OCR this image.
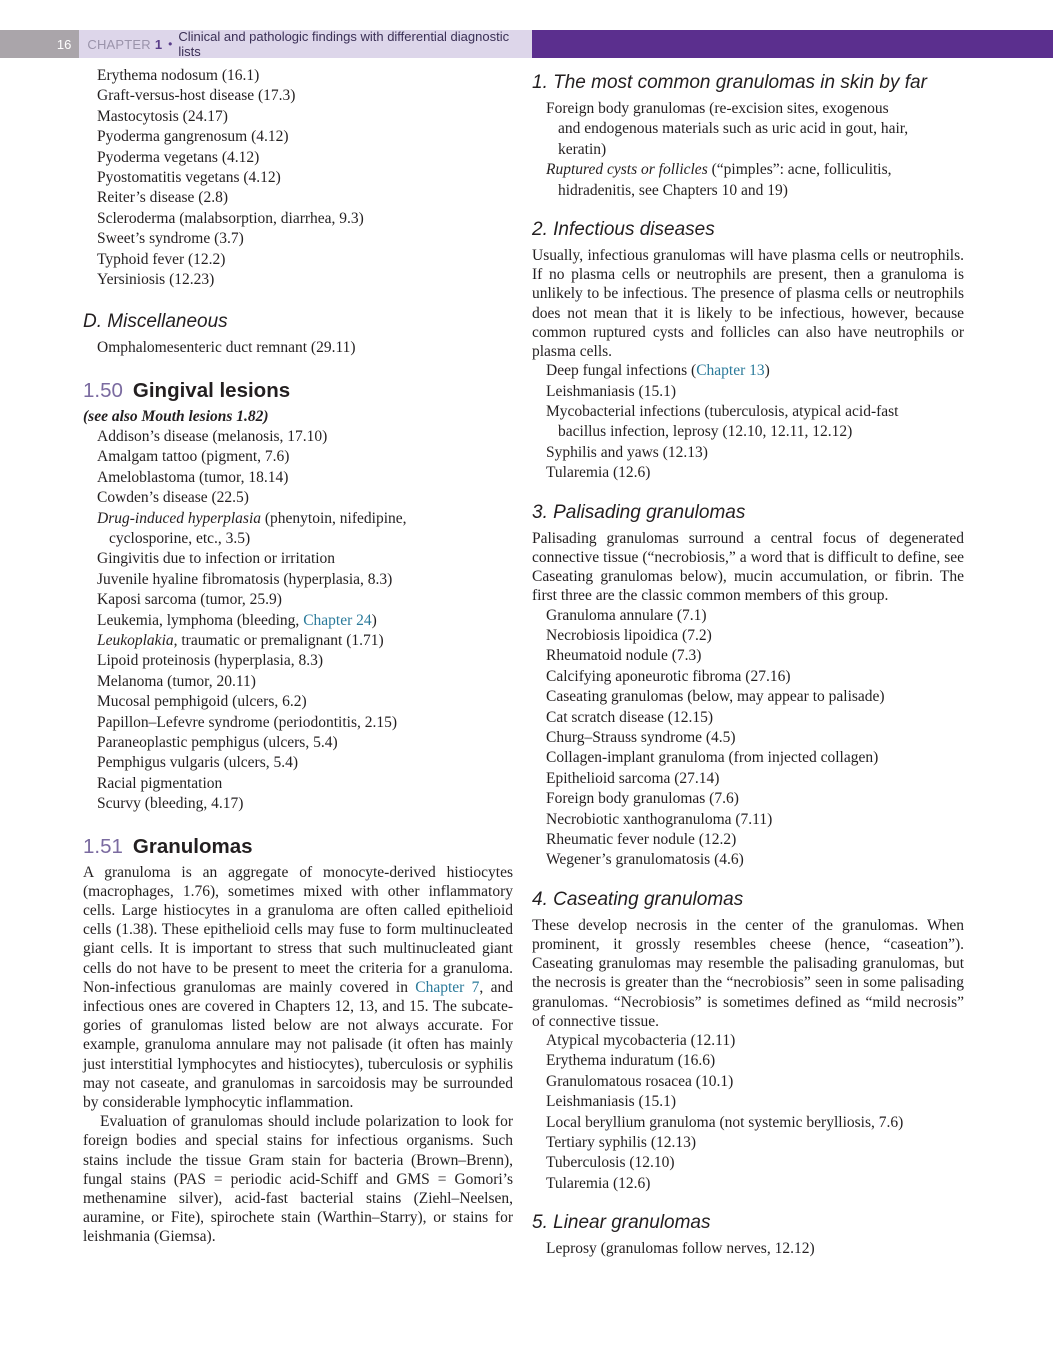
16	CHAPTER 1 • Clinical and pathologic findings with differential diagnostic lists
Erythema nodosum (16.1)
Graft-versus-host disease (17.3)
Mastocytosis (24.17)
Pyoderma gangrenosum (4.12)
Pyoderma vegetans (4.12)
Pyostomatitis vegetans (4.12)
Reiter’s disease (2.8)
Scleroderma (malabsorption, diarrhea, 9.3)
Sweet’s syndrome (3.7)
Typhoid fever (12.2)
Yersiniosis (12.23)
D. Miscellaneous
Omphalomesenteric duct remnant (29.11)
1.50 Gingival lesions
(see also Mouth lesions 1.82)
Addison’s disease (melanosis, 17.10)
Amalgam tattoo (pigment, 7.6)
Ameloblastoma (tumor, 18.14)
Cowden’s disease (22.5)
Drug-induced hyperplasia (phenytoin, nifedipine,
cyclosporine, etc., 3.5)
Gingivitis due to infection or irritation
Juvenile hyaline fibromatosis (hyperplasia, 8.3)
Kaposi sarcoma (tumor, 25.9)
Leukemia, lymphoma (bleeding, Chapter 24)
Leukoplakia, traumatic or premalignant (1.71)
Lipoid proteinosis (hyperplasia, 8.3)
Melanoma (tumor, 20.11)
Mucosal pemphigoid (ulcers, 6.2)
Papillon–Lefevre syndrome (periodontitis, 2.15)
Paraneoplastic pemphigus (ulcers, 5.4)
Pemphigus vulgaris (ulcers, 5.4)
Racial pigmentation
Scurvy (bleeding, 4.17)
1.51 Granulomas
A granuloma is an aggregate of monocyte-derived histiocytes (macrophages, 1.76), sometimes mixed with other inflammatory cells. Large histiocytes in a granuloma are often called epithelioid cells (1.38). These epithelioid cells may fuse to form multinucleated giant cells. It is important to stress that such multinucleated giant cells do not have to be present to meet the criteria for a granuloma. Non-infectious granulomas are mainly covered in Chapter 7, and infectious ones are covered in Chapters 12, 13, and 15. The subcategories of granulomas listed below are not always accurate. For example, granuloma annulare may not palisade (it often has mainly just interstitial lymphocytes and histiocytes), tuberculosis or syphilis may not caseate, and granulomas in sarcoidosis may be surrounded by considerable lymphocytic inflammation.
Evaluation of granulomas should include polarization to look for foreign bodies and special stains for infectious organisms. Such stains include the tissue Gram stain for bacteria (Brown–Brenn), fungal stains (PAS = periodic acid-Schiff and GMS = Gomori’s methenamine silver), acid-fast bacterial stains (Ziehl–Neelsen, auramine, or Fite), spirochete stain (Warthin–Starry), or stains for leishmania (Giemsa).
1. The most common granulomas in skin by far
Foreign body granulomas (re-excision sites, exogenous
and endogenous materials such as uric acid in gout, hair,
keratin)
Ruptured cysts or follicles (“pimples”: acne, folliculitis,
hidradenitis, see Chapters 10 and 19)
2. Infectious diseases
Usually, infectious granulomas will have plasma cells or neutrophils. If no plasma cells or neutrophils are present, then a granuloma is unlikely to be infectious. The presence of plasma cells or neutrophils does not mean that it is likely to be infectious, however, because common ruptured cysts and follicles can also have neutrophils or plasma cells.
Deep fungal infections (Chapter 13)
Leishmaniasis (15.1)
Mycobacterial infections (tuberculosis, atypical acid-fast
bacillus infection, leprosy (12.10, 12.11, 12.12)
Syphilis and yaws (12.13)
Tularemia (12.6)
3. Palisading granulomas
Palisading granulomas surround a central focus of degenerated connective tissue (“necrobiosis,” a word that is difficult to define, see Caseating granulomas below), mucin accumulation, or fibrin. The first three are the classic common members of this group.
Granuloma annulare (7.1)
Necrobiosis lipoidica (7.2)
Rheumatoid nodule (7.3)
Calcifying aponeurotic fibroma (27.16)
Caseating granulomas (below, may appear to palisade)
Cat scratch disease (12.15)
Churg–Strauss syndrome (4.5)
Collagen-implant granuloma (from injected collagen)
Epithelioid sarcoma (27.14)
Foreign body granulomas (7.6)
Necrobiotic xanthogranuloma (7.11)
Rheumatic fever nodule (12.2)
Wegener’s granulomatosis (4.6)
4. Caseating granulomas
These develop necrosis in the center of the granulomas. When prominent, it grossly resembles cheese (hence, “caseation”). Caseating granulomas may resemble the palisading granulomas, but the necrosis is greater than the “necrobiosis” seen in some palisading granulomas. “Necrobiosis” is sometimes defined as “mild necrosis” of connective tissue.
Atypical mycobacteria (12.11)
Erythema induratum (16.6)
Granulomatous rosacea (10.1)
Leishmaniasis (15.1)
Local beryllium granuloma (not systemic berylliosis, 7.6)
Tertiary syphilis (12.13)
Tuberculosis (12.10)
Tularemia (12.6)
5. Linear granulomas
Leprosy (granulomas follow nerves, 12.12)
